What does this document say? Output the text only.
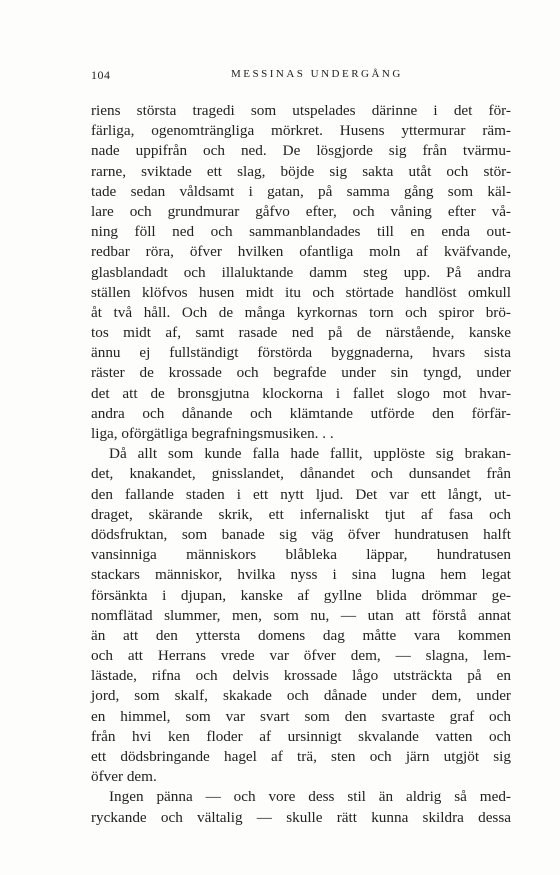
104	MESSINAS UNDERGÅNG
riens största tragedi som utspelades därinne i det för-
färliga, ogenomträngliga mörkret. Husens yttermurar räm-
nade uppifrån och ned. De lösgjorde sig från tvärmu-
rarne, sviktade ett slag, böjde sig sakta utåt och stör-
tade sedan våldsamt i gatan, på samma gång som käl-
lare och grundmurar gåfvo efter, och våning efter vå-
ning föll ned och sammanblandades till en enda out-
redbar röra, öfver hvilken ofantliga moln af kväfvande,
glasblandadt och illaluktande damm steg upp. På andra
ställen klöfvos husen midt itu och störtade handlöst omkull
åt två håll. Och de många kyrkornas torn och spiror brö-
tos midt af, samt rasade ned på de närstående, kanske
ännu ej fullständigt förstörda byggnaderna, hvars sista
räster de krossade och begrafde under sin tyngd, under
det att de bronsgjutna klockorna i fallet slogo mot hvar-
andra och dånande och klämtande utförde den förfär-
liga, oförgätliga begrafningsmusiken. . .
Då allt som kunde falla hade fallit, upplöste sig brakan-
det, knakandet, gnisslandet, dånandet och dunsandet från
den fallande staden i ett nytt ljud. Det var ett långt, ut-
draget, skärande skrik, ett infernaliskt tjut af fasa och
dödsfruktan, som banade sig väg öfver hundratusen halft
vansinniga människors blåbleka läppar, hundratusen
stackars människor, hvilka nyss i sina lugna hem legat
försänkta i djupan, kanske af gyllne blida drömmar ge-
nomflätad slummer, men, som nu, — utan att förstå annat
än att den yttersta domens dag måtte vara kommen
och att Herrans vrede var öfver dem, — slagna, lem-
lästade, rifna och delvis krossade lågo utsträckta på en
jord, som skalf, skakade och dånade under dem, under
en himmel, som var svart som den svartaste graf och
från hvi ken floder af ursinnigt skvalande vatten och
ett dödsbringande hagel af trä, sten och järn utgjöt sig
öfver dem.
Ingen pänna — och vore dess stil än aldrig så med-
ryckande och vältalig — skulle rätt kunna skildra dessa
